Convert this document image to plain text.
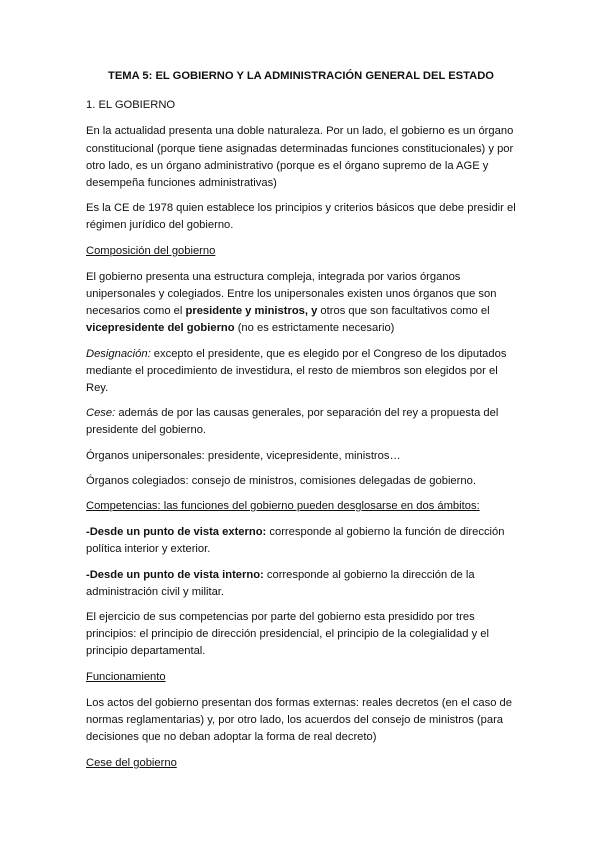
TEMA 5: EL GOBIERNO Y LA ADMINISTRACIÓN GENERAL DEL ESTADO
1. EL GOBIERNO

En la actualidad presenta una doble naturaleza. Por un lado, el gobierno es un órgano constitucional (porque tiene asignadas determinadas funciones constitucionales) y por otro lado, es un órgano administrativo (porque es el órgano supremo de la AGE y desempeña funciones administrativas)

Es la CE de 1978 quien establece los principios y criterios básicos que debe presidir el régimen jurídico del gobierno.

Composición del gobierno

El gobierno presenta una estructura compleja, integrada por varios órganos unipersonales y colegiados. Entre los unipersonales existen unos órganos que son necesarios como el presidente y ministros, y otros que son facultativos como el vicepresidente del gobierno (no es estrictamente necesario)

Designación: excepto el presidente, que es elegido por el Congreso de los diputados mediante el procedimiento de investidura, el resto de miembros son elegidos por el Rey.

Cese: además de por las causas generales, por separación del rey a propuesta del presidente del gobierno.

Órganos unipersonales: presidente, vicepresidente, ministros…

Órganos colegiados: consejo de ministros, comisiones delegadas de gobierno.

Competencias: las funciones del gobierno pueden desglosarse en dos ámbitos:

-Desde un punto de vista externo: corresponde al gobierno la función de dirección política interior y exterior.

-Desde un punto de vista interno: corresponde al gobierno la dirección de la administración civil y militar.

El ejercicio de sus competencias por parte del gobierno esta presidido por tres principios: el principio de dirección presidencial, el principio de la colegialidad y el principio departamental.

Funcionamiento

Los actos del gobierno presentan dos formas externas: reales decretos (en el caso de normas reglamentarias) y, por otro lado, los acuerdos del consejo de ministros (para decisiones que no deban adoptar la forma de real decreto)

Cese del gobierno
